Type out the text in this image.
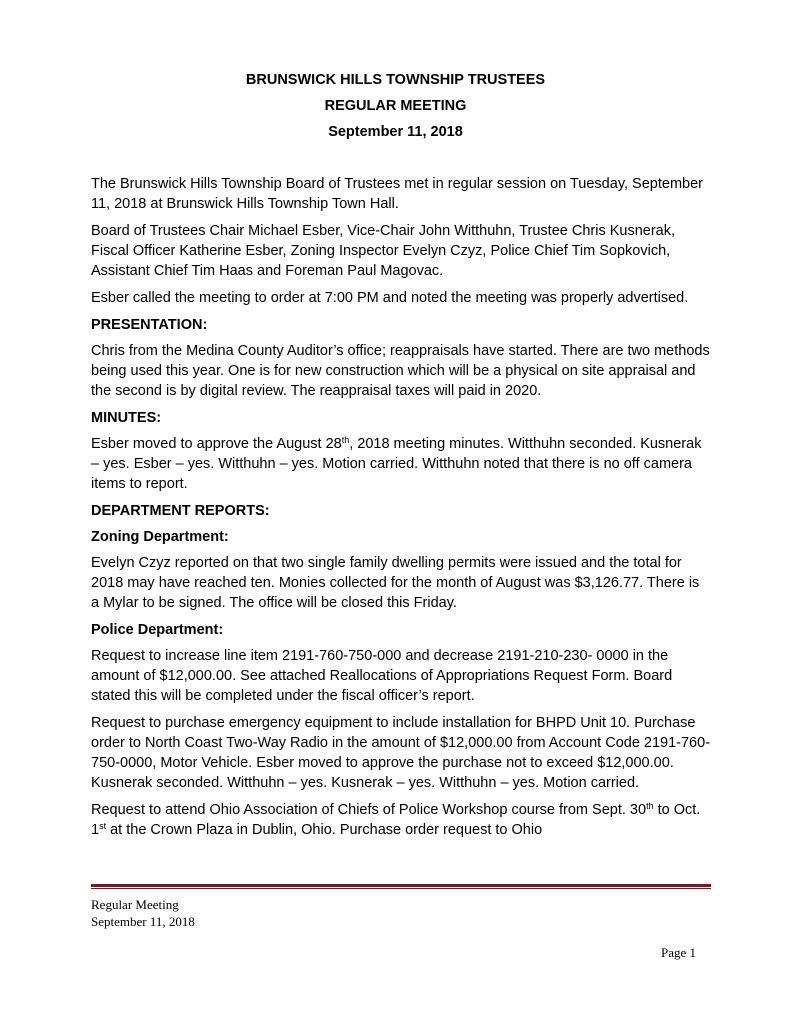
BRUNSWICK HILLS TOWNSHIP TRUSTEES
REGULAR MEETING
September 11, 2018

The Brunswick Hills Township Board of Trustees met in regular session on Tuesday, September 11, 2018 at Brunswick Hills Township Town Hall.

Board of Trustees Chair Michael Esber, Vice-Chair John Witthuhn, Trustee Chris Kusnerak, Fiscal Officer Katherine Esber, Zoning Inspector Evelyn Czyz, Police Chief Tim Sopkovich, Assistant Chief Tim Haas and Foreman Paul Magovac.

Esber called the meeting to order at 7:00 PM and noted the meeting was properly advertised.

PRESENTATION:

Chris from the Medina County Auditor’s office; reappraisals have started. There are two methods being used this year. One is for new construction which will be a physical on site appraisal and the second is by digital review. The reappraisal taxes will paid in 2020.

MINUTES:

Esber moved to approve the August 28th, 2018 meeting minutes. Witthuhn seconded. Kusnerak – yes. Esber – yes. Witthuhn – yes. Motion carried. Witthuhn noted that there is no off camera items to report.

DEPARTMENT REPORTS:
Zoning Department:

Evelyn Czyz reported on that two single family dwelling permits were issued and the total for 2018 may have reached ten. Monies collected for the month of August was $3,126.77. There is a Mylar to be signed. The office will be closed this Friday.

Police Department:

Request to increase line item 2191-760-750-000 and decrease 2191-210-230- 0000 in the amount of $12,000.00. See attached Reallocations of Appropriations Request Form. Board stated this will be completed under the fiscal officer’s report.

Request to purchase emergency equipment to include installation for BHPD Unit 10. Purchase order to North Coast Two-Way Radio in the amount of $12,000.00 from Account Code 2191-760-750-0000, Motor Vehicle. Esber moved to approve the purchase not to exceed $12,000.00. Kusnerak seconded. Witthuhn – yes. Kusnerak – yes. Witthuhn – yes. Motion carried.

Request to attend Ohio Association of Chiefs of Police Workshop course from Sept. 30th to Oct. 1st at the Crown Plaza in Dublin, Ohio. Purchase order request to Ohio

Regular Meeting
September 11, 2018
Page 1
